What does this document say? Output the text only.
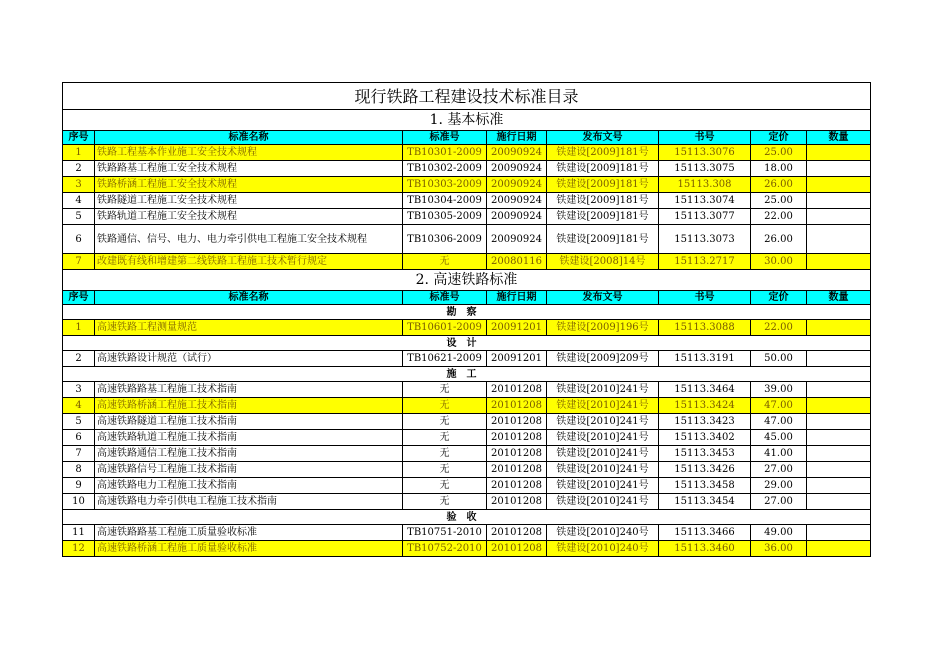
现行铁路工程建设技术标准目录							
1. 基本标准							
序号	标准名称	标准号	施行日期	发布文号	书号	定价	数量
1	铁路工程基本作业施工安全技术规程	TB10301-2009	20090924	铁建设[2009]181号	15113.3076	25.00	
2	铁路路基工程施工安全技术规程	TB10302-2009	20090924	铁建设[2009]181号	15113.3075	18.00	
3	铁路桥涵工程施工安全技术规程	TB10303-2009	20090924	铁建设[2009]181号	15113.308	26.00	
4	铁路隧道工程施工安全技术规程	TB10304-2009	20090924	铁建设[2009]181号	15113.3074	25.00	
5	铁路轨道工程施工安全技术规程	TB10305-2009	20090924	铁建设[2009]181号	15113.3077	22.00	
6	铁路通信、信号、电力、电力牵引供电工程施工安全技术规程	TB10306-2009	20090924	铁建设[2009]181号	15113.3073	26.00	
7	改建既有线和增建第二线铁路工程施工技术暂行规定	无	20080116	铁建设[2008]14号	15113.2717	30.00	
2. 高速铁路标准							
序号	标准名称	标准号	施行日期	发布文号	书号	定价	数量
勘察							
1	高速铁路工程测量规范	TB10601-2009	20091201	铁建设[2009]196号	15113.3088	22.00	
设计							
2	高速铁路设计规范（试行）	TB10621-2009	20091201	铁建设[2009]209号	15113.3191	50.00	
施工							
3	高速铁路路基工程施工技术指南	无	20101208	铁建设[2010]241号	15113.3464	39.00	
4	高速铁路桥涵工程施工技术指南	无	20101208	铁建设[2010]241号	15113.3424	47.00	
5	高速铁路隧道工程施工技术指南	无	20101208	铁建设[2010]241号	15113.3423	47.00	
6	高速铁路轨道工程施工技术指南	无	20101208	铁建设[2010]241号	15113.3402	45.00	
7	高速铁路通信工程施工技术指南	无	20101208	铁建设[2010]241号	15113.3453	41.00	
8	高速铁路信号工程施工技术指南	无	20101208	铁建设[2010]241号	15113.3426	27.00	
9	高速铁路电力工程施工技术指南	无	20101208	铁建设[2010]241号	15113.3458	29.00	
10	高速铁路电力牵引供电工程施工技术指南	无	20101208	铁建设[2010]241号	15113.3454	27.00	
验收							
11	高速铁路路基工程施工质量验收标准	TB10751-2010	20101208	铁建设[2010]240号	15113.3466	49.00	
12	高速铁路桥涵工程施工质量验收标准	TB10752-2010	20101208	铁建设[2010]240号	15113.3460	36.00	
